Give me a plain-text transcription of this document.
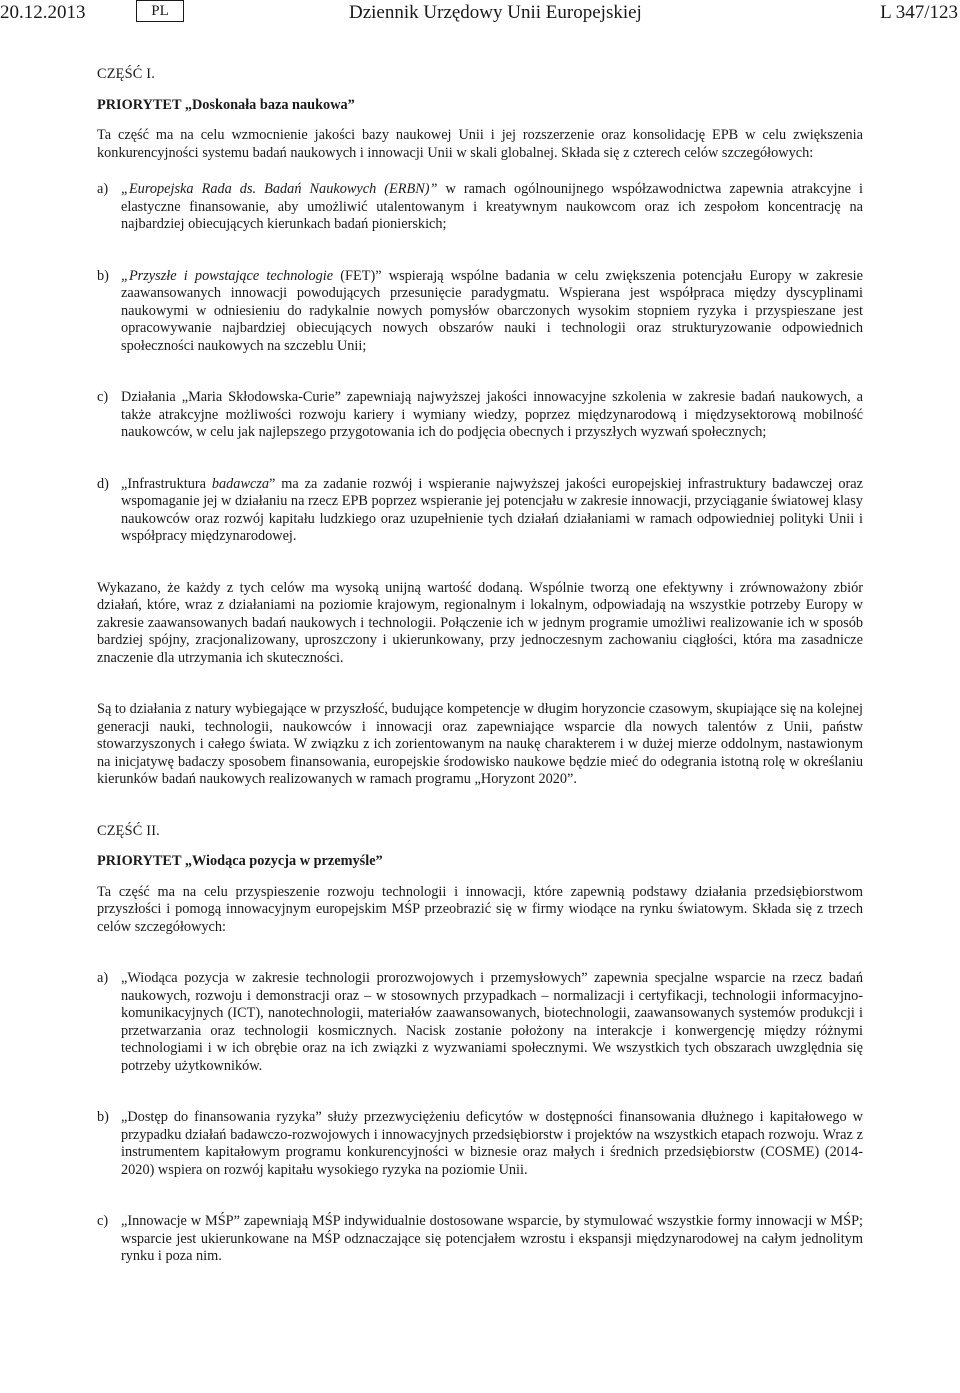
20.12.2013	PL	Dziennik Urzędowy Unii Europejskiej	L 347/123
CZĘŚĆ I.
PRIORYTET „Doskonała baza naukowa”
Ta część ma na celu wzmocnienie jakości bazy naukowej Unii i jej rozszerzenie oraz konsolidację EPB w celu zwiększenia konkurencyjności systemu badań naukowych i innowacji Unii w skali globalnej. Składa się z czterech celów szczegółowych:
a) „Europejska Rada ds. Badań Naukowych (ERBN)” w ramach ogólnounijnego współzawodnictwa zapewnia atrakcyjne i elastyczne finansowanie, aby umożliwić utalentowanym i kreatywnym naukowcom oraz ich zespołom koncentrację na najbardziej obiecujących kierunkach badań pionierskich;
b) „Przyszłe i powstające technologie (FET)” wspierają wspólne badania w celu zwiększenia potencjału Europy w zakresie zaawansowanych innowacji powodujących przesunięcie paradygmatu. Wspierana jest współpraca między dyscyplinami naukowymi w odniesieniu do radykalnie nowych pomysłów obarczonych wysokim stopniem ryzyka i przyspieszane jest opracowywanie najbardziej obiecujących nowych obszarów nauki i technologii oraz strukturyzowanie odpowiednich społeczności naukowych na szczeblu Unii;
c) Działania „Maria Skłodowska-Curie” zapewniają najwyższej jakości innowacyjne szkolenia w zakresie badań naukowych, a także atrakcyjne możliwości rozwoju kariery i wymiany wiedzy, poprzez międzynarodową i międzysektorową mobilność naukowców, w celu jak najlepszego przygotowania ich do podjęcia obecnych i przyszłych wyzwań społecznych;
d) „Infrastruktura badawcza” ma za zadanie rozwój i wspieranie najwyższej jakości europejskiej infrastruktury badawczej oraz wspomaganie jej w działaniu na rzecz EPB poprzez wspieranie jej potencjału w zakresie innowacji, przyciąganie światowej klasy naukowców oraz rozwój kapitału ludzkiego oraz uzupełnienie tych działań działaniami w ramach odpowiedniej polityki Unii i współpracy międzynarodowej.
Wykazano, że każdy z tych celów ma wysoką unijną wartość dodaną. Wspólnie tworzą one efektywny i zrównoważony zbiór działań, które, wraz z działaniami na poziomie krajowym, regionalnym i lokalnym, odpowiadają na wszystkie potrzeby Europy w zakresie zaawansowanych badań naukowych i technologii. Połączenie ich w jednym programie umożliwi realizowanie ich w sposób bardziej spójny, zracjonalizowany, uproszczony i ukierunkowany, przy jednoczesnym zachowaniu ciągłości, która ma zasadnicze znaczenie dla utrzymania ich skuteczności.
Są to działania z natury wybiegające w przyszłość, budujące kompetencje w długim horyzoncie czasowym, skupiające się na kolejnej generacji nauki, technologii, naukowców i innowacji oraz zapewniające wsparcie dla nowych talentów z Unii, państw stowarzyszonych i całego świata. W związku z ich zorientowanym na naukę charakterem i w dużej mierze oddolnym, nastawionym na inicjatywę badaczy sposobem finansowania, europejskie środowisko naukowe będzie mieć do odegrania istotną rolę w określaniu kierunków badań naukowych realizowanych w ramach programu „Horyzont 2020”.
CZĘŚĆ II.
PRIORYTET „Wiodąca pozycja w przemyśle”
Ta część ma na celu przyspieszenie rozwoju technologii i innowacji, które zapewnią podstawy działania przedsiębiorstwom przyszłości i pomogą innowacyjnym europejskim MŚP przeobrazić się w firmy wiodące na rynku światowym. Składa się z trzech celów szczegółowych:
a) „Wiodąca pozycja w zakresie technologii prorozwojowych i przemysłowych” zapewnia specjalne wsparcie na rzecz badań naukowych, rozwoju i demonstracji oraz – w stosownych przypadkach – normalizacji i certyfikacji, technologii informacyjno-komunikacyjnych (ICT), nanotechnologii, materiałów zaawansowanych, biotechnologii, zaawansowanych systemów produkcji i przetwarzania oraz technologii kosmicznych. Nacisk zostanie położony na interakcje i konwergencję między różnymi technologiami i w ich obrębie oraz na ich związki z wyzwaniami społecznymi. We wszystkich tych obszarach uwzględnia się potrzeby użytkowników.
b) „Dostęp do finansowania ryzyka” służy przezwyciężeniu deficytów w dostępności finansowania dłużnego i kapitałowego w przypadku działań badawczo-rozwojowych i innowacyjnych przedsiębiorstw i projektów na wszystkich etapach rozwoju. Wraz z instrumentem kapitałowym programu konkurencyjności w biznesie oraz małych i średnich przedsiębiorstw (COSME) (2014-2020) wspiera on rozwój kapitału wysokiego ryzyka na poziomie Unii.
c) „Innowacje w MŚP” zapewniają MŚP indywidualnie dostosowane wsparcie, by stymulować wszystkie formy innowacji w MŚP; wsparcie jest ukierunkowane na MŚP odznaczające się potencjałem wzrostu i ekspansji międzynarodowej na całym jednolitym rynku i poza nim.
